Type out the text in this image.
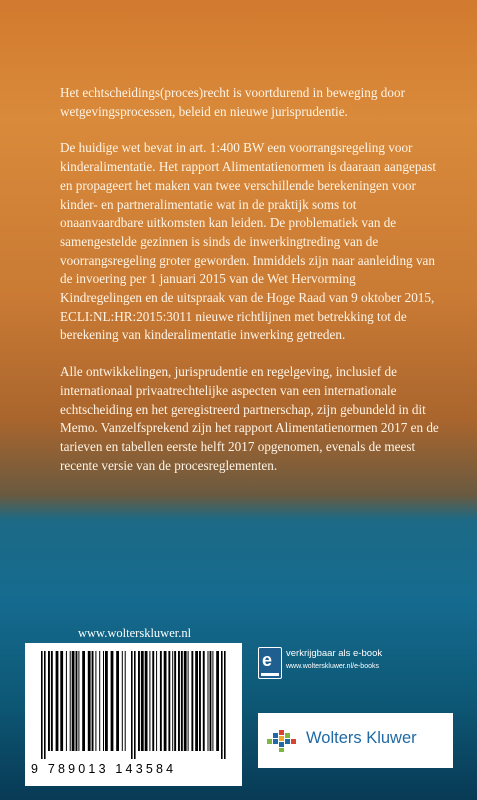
Het echtscheidings(proces)recht is voortdurend in beweging door wetgevingsprocessen, beleid en nieuwe jurisprudentie.

De huidige wet bevat in art. 1:400 BW een voorrangsregeling voor kinderalimentatie. Het rapport Alimentatienormen is daaraan aangepast en propageert het maken van twee verschillende berekeningen voor kinder- en partneralimentatie wat in de praktijk soms tot onaanvaardbare uitkomsten kan leiden. De problematiek van de samengestelde gezinnen is sinds de inwerkingtreding van de voorrangsregeling groter geworden. Inmiddels zijn naar aanleiding van de invoering per 1 januari 2015 van de Wet Hervorming Kindregelingen en de uitspraak van de Hoge Raad van 9 oktober 2015, ECLI:NL:HR:2015:3011 nieuwe richtlijnen met betrekking tot de berekening van kinderalimentatie inwerking getreden.

Alle ontwikkelingen, jurisprudentie en regelgeving, inclusief de internationaal privaatrechtelijke aspecten van een internationale echtscheiding en het geregistreerd partnerschap, zijn gebundeld in dit Memo. Vanzelfsprekend zijn het rapport Alimentatienormen 2017 en de tarieven en tabellen eerste helft 2017 opgenomen, evenals de meest recente versie van de procesreglementen.

www.wolterskluwer.nl
9 789013 143584
e verkrijgbaar als e-book
www.wolterskluwer.nl/e-books
Wolters Kluwer
